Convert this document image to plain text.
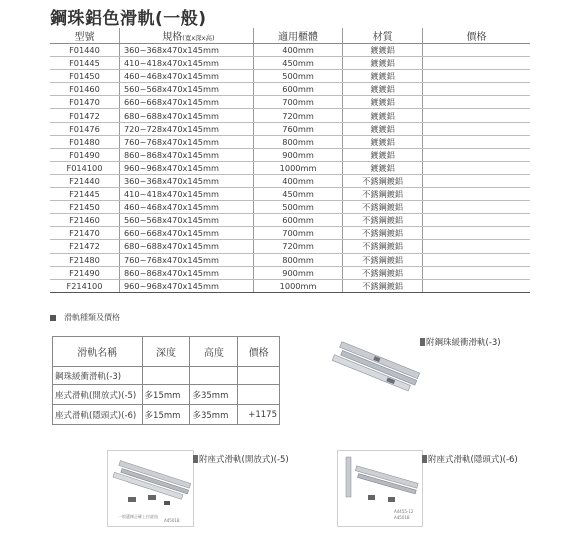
鋼珠鋁色滑軌(一般)
型號	規格(寬x深x高)	適用櫃體	材質	價格
F01440	360~368x470x145mm	400mm	鍍鍍鋁	
F01445	410~418x470x145mm	450mm	鍍鍍鋁	
F01450	460~468x470x145mm	500mm	鍍鍍鋁	
F01460	560~568x470x145mm	600mm	鍍鍍鋁	
F01470	660~668x470x145mm	700mm	鍍鍍鋁	
F01472	680~688x470x145mm	720mm	鍍鍍鋁	
F01476	720~728x470x145mm	760mm	鍍鍍鋁	
F01480	760~768x470x145mm	800mm	鍍鍍鋁	
F01490	860~868x470x145mm	900mm	鍍鍍鋁	
F014100	960~968x470x145mm	1000mm	鍍鍍鋁	
F21440	360~368x470x145mm	400mm	不銹鋼鍍鋁	
F21445	410~418x470x145mm	450mm	不銹鋼鍍鋁	
F21450	460~468x470x145mm	500mm	不銹鋼鍍鋁	
F21460	560~568x470x145mm	600mm	不銹鋼鍍鋁	
F21470	660~668x470x145mm	700mm	不銹鋼鍍鋁	
F21472	680~688x470x145mm	720mm	不銹鋼鍍鋁	
F21480	760~768x470x145mm	800mm	不銹鋼鍍鋁	
F21490	860~868x470x145mm	900mm	不銹鋼鍍鋁	
F214100	960~968x470x145mm	1000mm	不銹鋼鍍鋁	
滑軌種類及價格
滑軌名稱	深度	高度	價格
鋼珠緩衝滑軌(-3)			
座式滑軌(開放式)(-5)	多15mm	多35mm	
座式滑軌(隱頭式)(-6)	多15mm	多35mm	+1175
附鋼珠緩衝滑軌(-3)
一般選擇正確上拉旋鈕
A4501B
附座式滑軌(開放式)(-5)
A4455-12
A4501B
附座式滑軌(隱頭式)(-6)
